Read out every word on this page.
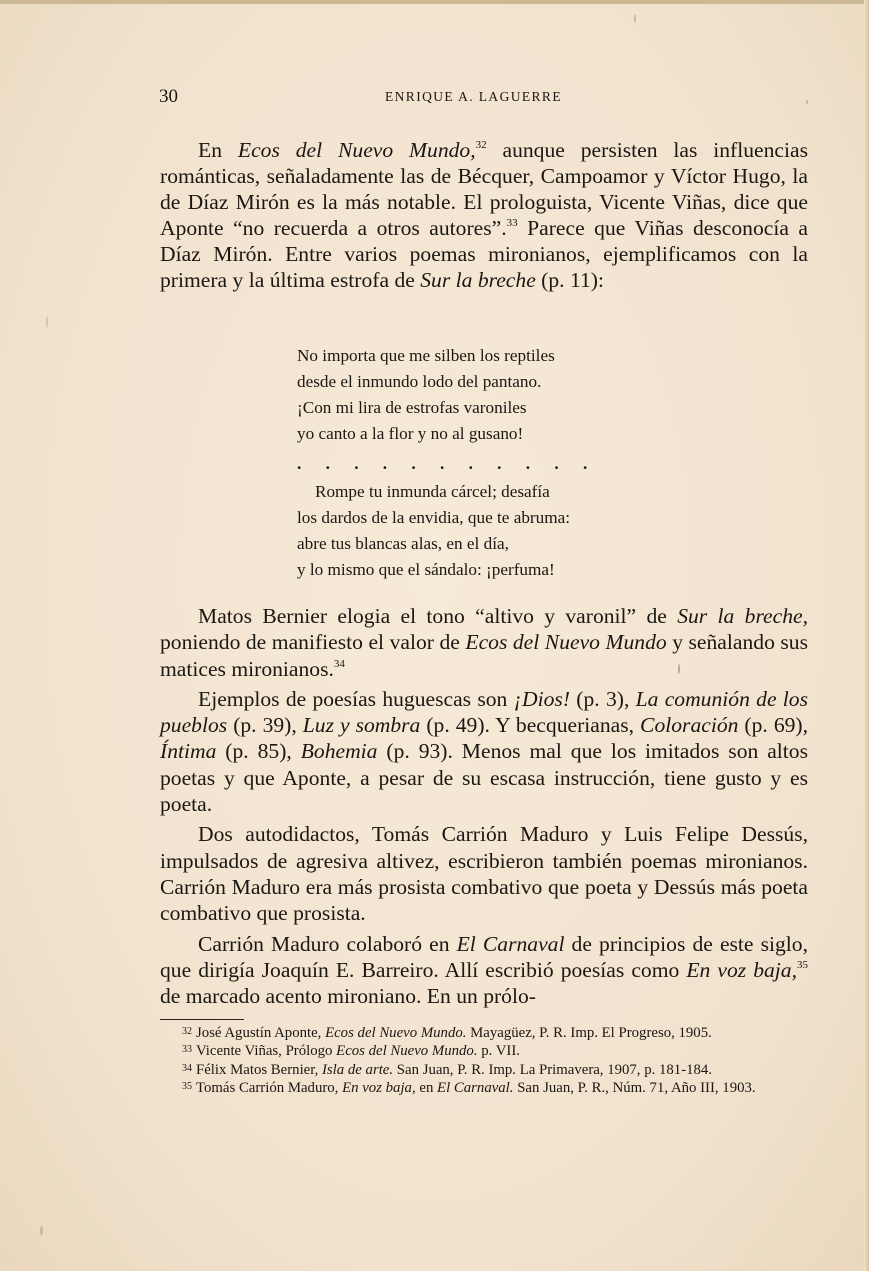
30	ENRIQUE A. LAGUERRE

En Ecos del Nuevo Mundo,$^{32}$ aunque persisten las influencias románticas, señaladamente las de Bécquer, Campoamor y Víctor Hugo, la de Díaz Mirón es la más notable. El prologuista, Vicente Viñas, dice que Aponte “no recuerda a otros autores”.$^{33}$ Parece que Viñas desconocía a Díaz Mirón. Entre varios poemas mironianos, ejemplificamos con la primera y la última estrofa de Sur la breche (p. 11):

No importa que me silben los reptiles
desde el inmundo lodo del pantano.
¡Con mi lira de estrofas varoniles
yo canto a la flor y no al gusano!
. . . . . . . . . . .
Rompe tu inmunda cárcel; desafía
los dardos de la envidia, que te abruma:
abre tus blancas alas, en el día,
y lo mismo que el sándalo: ¡perfuma!

Matos Bernier elogia el tono “altivo y varonil” de Sur la breche, poniendo de manifiesto el valor de Ecos del Nuevo Mundo y señalando sus matices mironianos.$^{34}$

Ejemplos de poesías huguescas son ¡Dios! (p. 3), La comunión de los pueblos (p. 39), Luz y sombra (p. 49). Y becquerianas, Coloración (p. 69), Íntima (p. 85), Bohemia (p. 93). Menos mal que los imitados son altos poetas y que Aponte, a pesar de su escasa instrucción, tiene gusto y es poeta.

Dos autodidactos, Tomás Carrión Maduro y Luis Felipe Dessús, impulsados de agresiva altivez, escribieron también poemas mironianos. Carrión Maduro era más prosista combativo que poeta y Dessús más poeta combativo que prosista.

Carrión Maduro colaboró en El Carnaval de principios de este siglo, que dirigía Joaquín E. Barreiro. Allí escribió poesías como En voz baja,$^{35}$ de marcado acento mironiano. En un prólo-

$^{32}$ José Agustín Aponte, Ecos del Nuevo Mundo. Mayagüez, P. R. Imp. El Progreso, 1905.
$^{33}$ Vicente Viñas, Prólogo Ecos del Nuevo Mundo. p. VII.
$^{34}$ Félix Matos Bernier, Isla de arte. San Juan, P. R. Imp. La Primavera, 1907, p. 181-184.
$^{35}$ Tomás Carrión Maduro, En voz baja, en El Carnaval. San Juan, P. R., Núm. 71, Año III, 1903.
